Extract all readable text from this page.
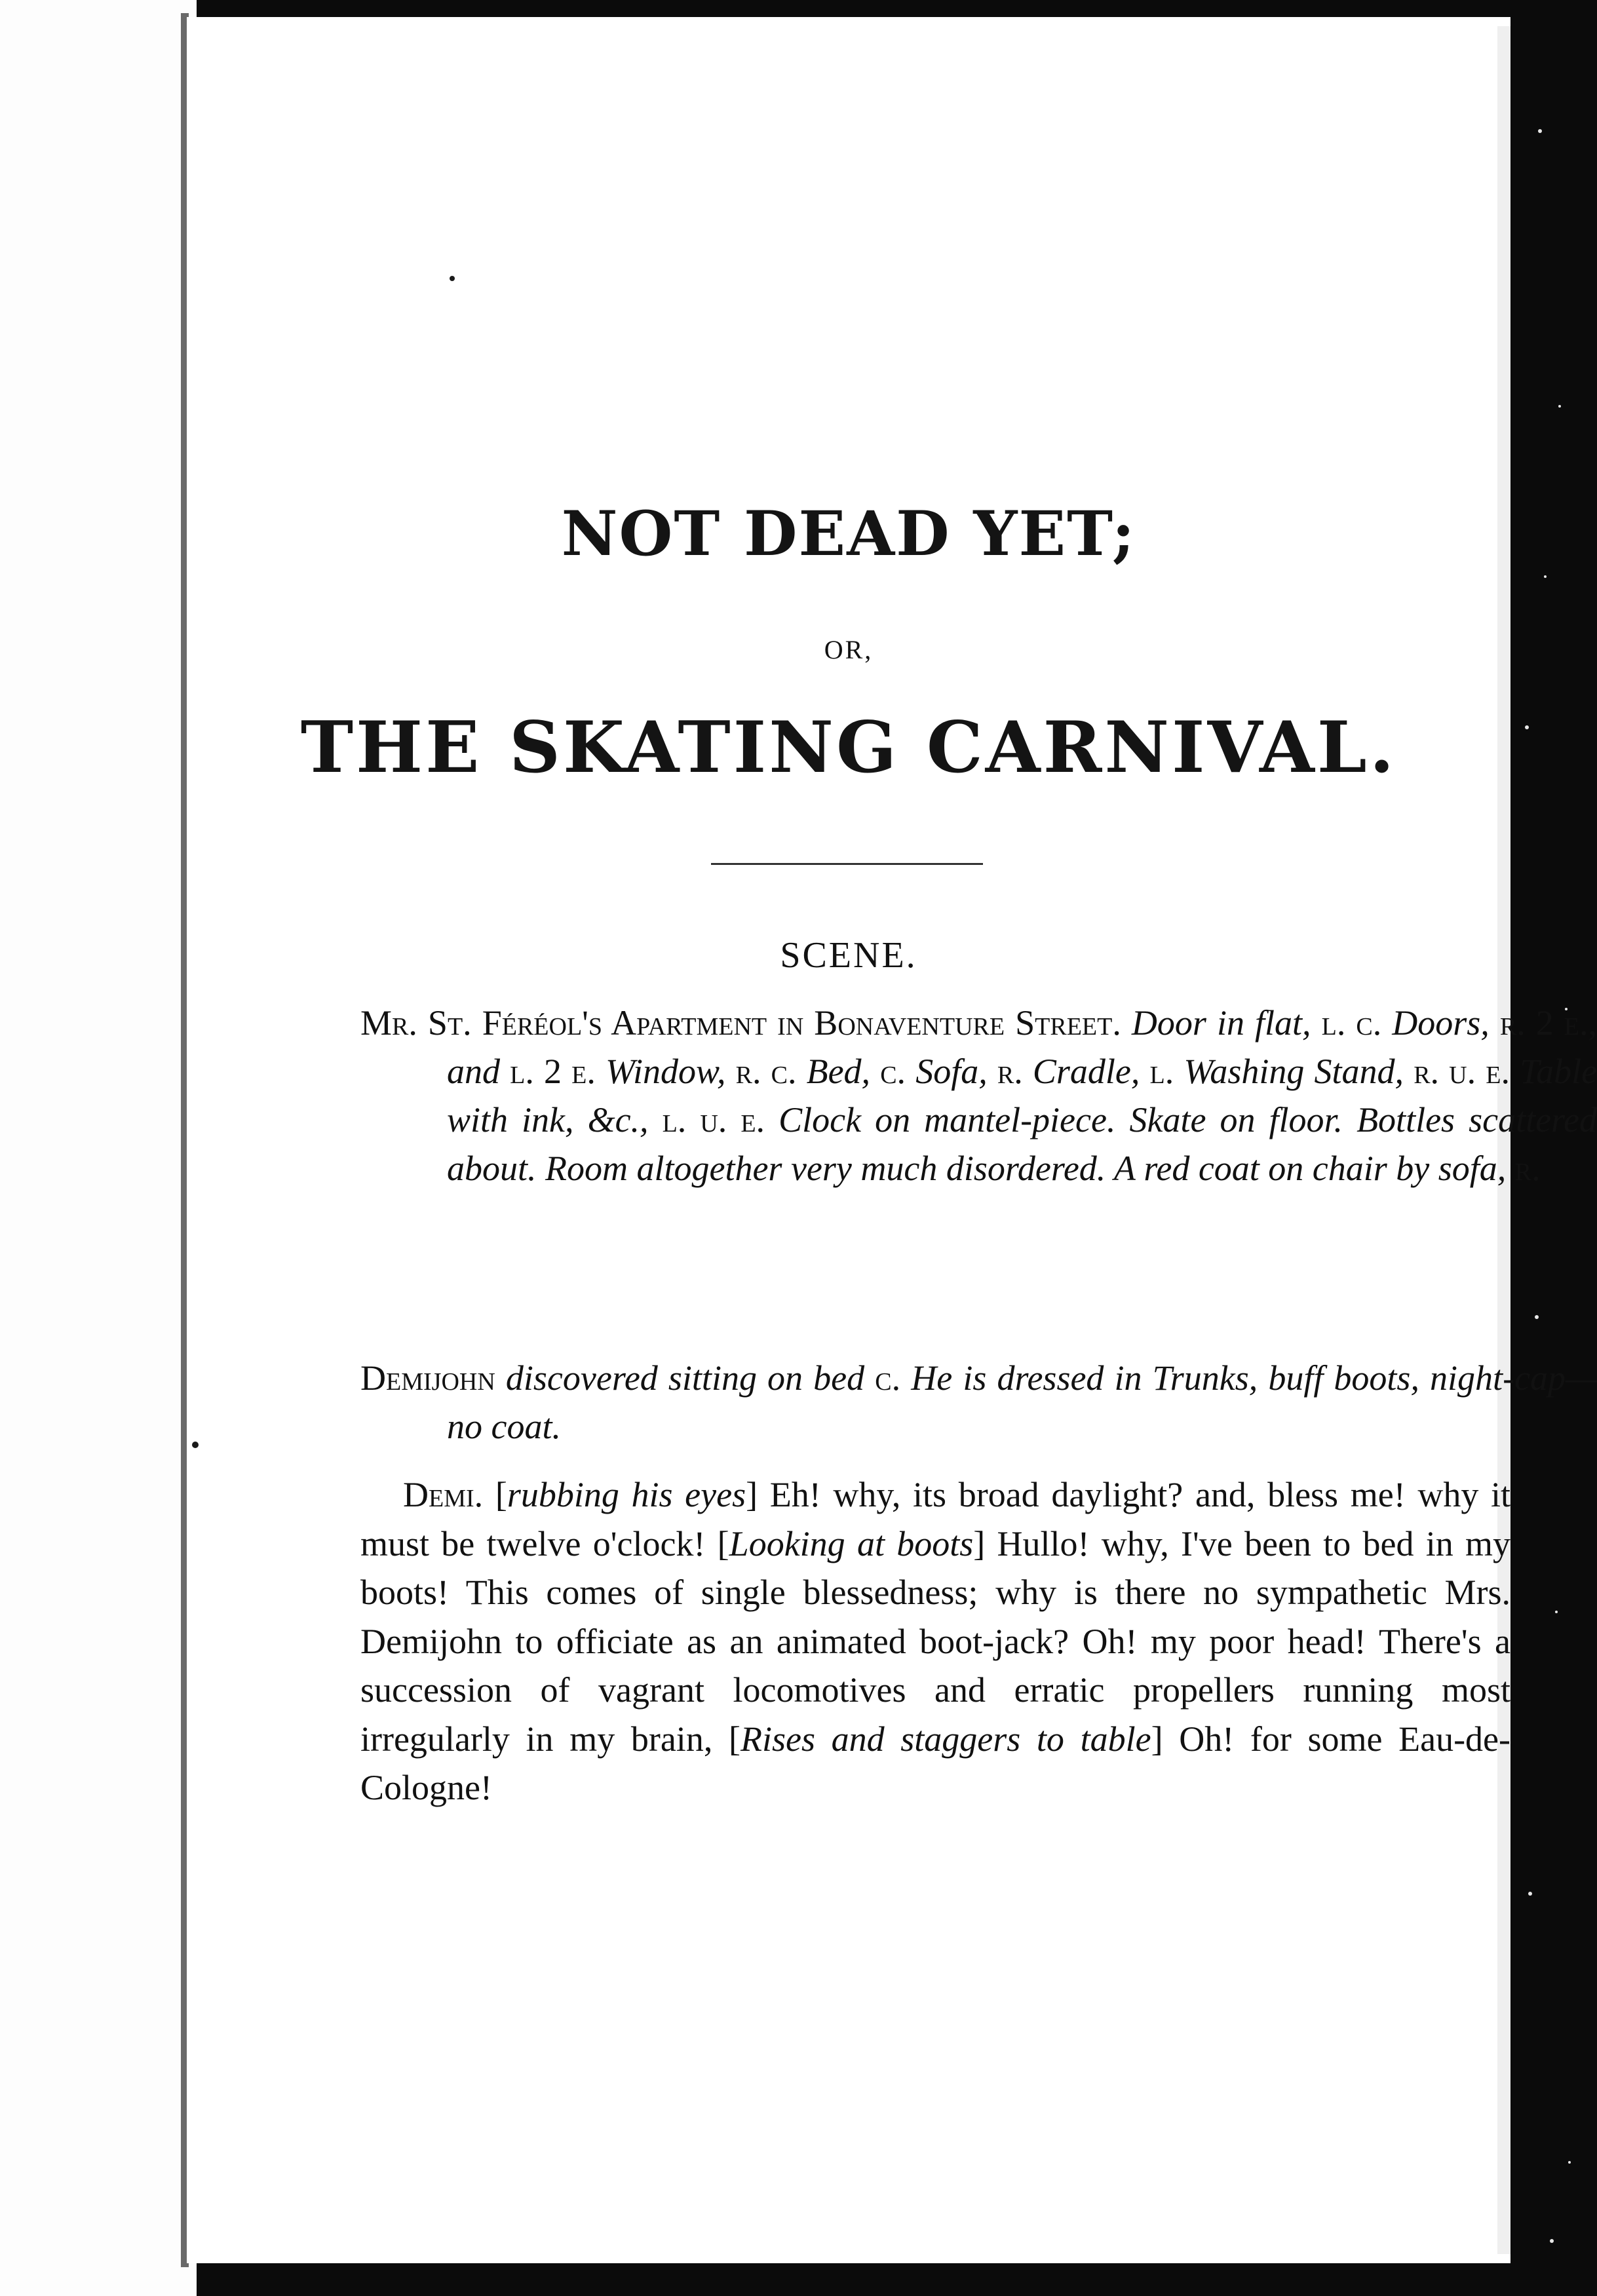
NOT DEAD YET;
OR,
THE SKATING CARNIVAL.
SCENE.
Mr. St. Féréol's Apartment in Bonaventure Street. Door in flat, l. c. Doors, r. 2 e., and l. 2 e. Window, r. c. Bed, c. Sofa, r. Cradle, l. Washing Stand, r. u. e. Table with ink, &c., l. u. e. Clock on mantel-piece. Skate on floor. Bottles scattered about. Room altogether very much disordered. A red coat on chair by sofa, r.
Demijohn discovered sitting on bed c. He is dressed in Trunks, buff boots, night-cap—no coat.
Demi. [rubbing his eyes] Eh! why, its broad daylight? and, bless me! why it must be twelve o'clock! [Looking at boots] Hullo! why, I've been to bed in my boots! This comes of single blessedness; why is there no sympathetic Mrs. Demijohn to officiate as an animated boot-jack? Oh! my poor head! There's a succession of vagrant locomotives and erratic propellers running most irregularly in my brain, [Rises and staggers to table] Oh! for some Eau-de-Cologne!
